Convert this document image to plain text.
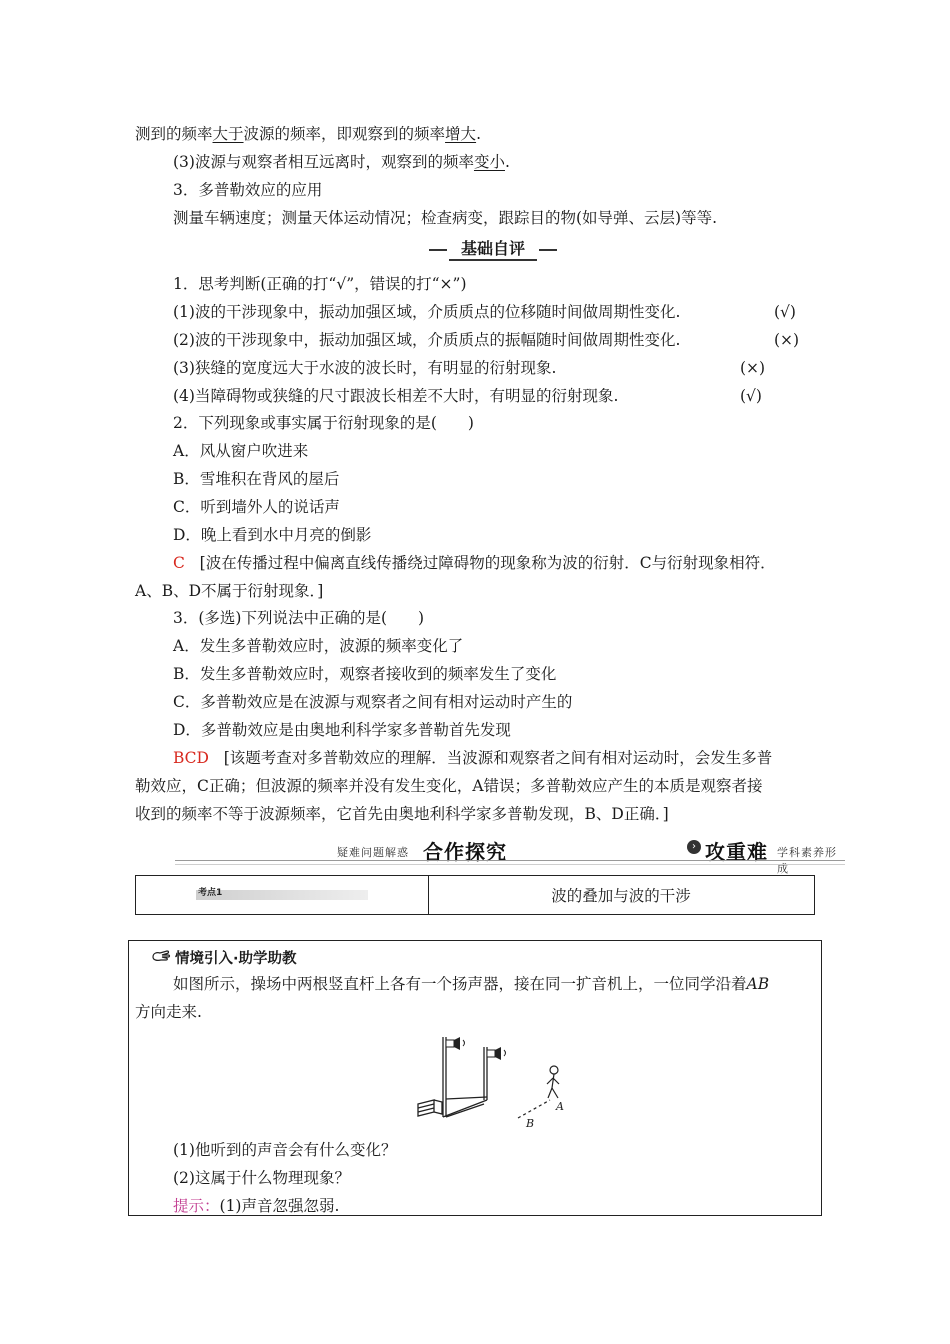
测到的频率大于波源的频率，即观察到的频率增大.
(3)波源与观察者相互远离时，观察到的频率变小.
3．多普勒效应的应用
测量车辆速度；测量天体运动情况；检查病变，跟踪目的物(如导弹、云层)等等.
基础自评
1．思考判断(正确的打“√”，错误的打“×”)
(1)波的干涉现象中，振动加强区域，介质质点的位移随时间做周期性变化.	(√)
(2)波的干涉现象中，振动加强区域，介质质点的振幅随时间做周期性变化.	(×)
(3)狭缝的宽度远大于水波的波长时，有明显的衍射现象.	(×)
(4)当障碍物或狭缝的尺寸跟波长相差不大时，有明显的衍射现象.	(√)
2．下列现象或事实属于衍射现象的是(　　)
A．风从窗户吹进来
B．雪堆积在背风的屋后
C．听到墙外人的说话声
D．晚上看到水中月亮的倒影
C [波在传播过程中偏离直线传播绕过障碍物的现象称为波的衍射．C与衍射现象相符．
A、B、D不属于衍射现象．]
3．(多选)下列说法中正确的是(　　)
A．发生多普勒效应时，波源的频率变化了
B．发生多普勒效应时，观察者接收到的频率发生了变化
C．多普勒效应是在波源与观察者之间有相对运动时产生的
D．多普勒效应是由奥地利科学家多普勒首先发现
BCD [该题考查对多普勒效应的理解．当波源和观察者之间有相对运动时，会发生多普
勒效应，C正确；但波源的频率并没有发生变化，A错误；多普勒效应产生的本质是观察者接
收到的频率不等于波源频率，它首先由奥地利科学家多普勒发现，B、D正确．]
疑难问题解惑 合作探究	› 攻重难 学科素养形成
考点1	波的叠加与波的干涉
情境引入·助学助教
如图所示，操场中两根竖直杆上各有一个扬声器，接在同一扩音机上，一位同学沿着AB
方向走来.
A
B
(1)他听到的声音会有什么变化？
(2)这属于什么物理现象？
提示：(1)声音忽强忽弱.
